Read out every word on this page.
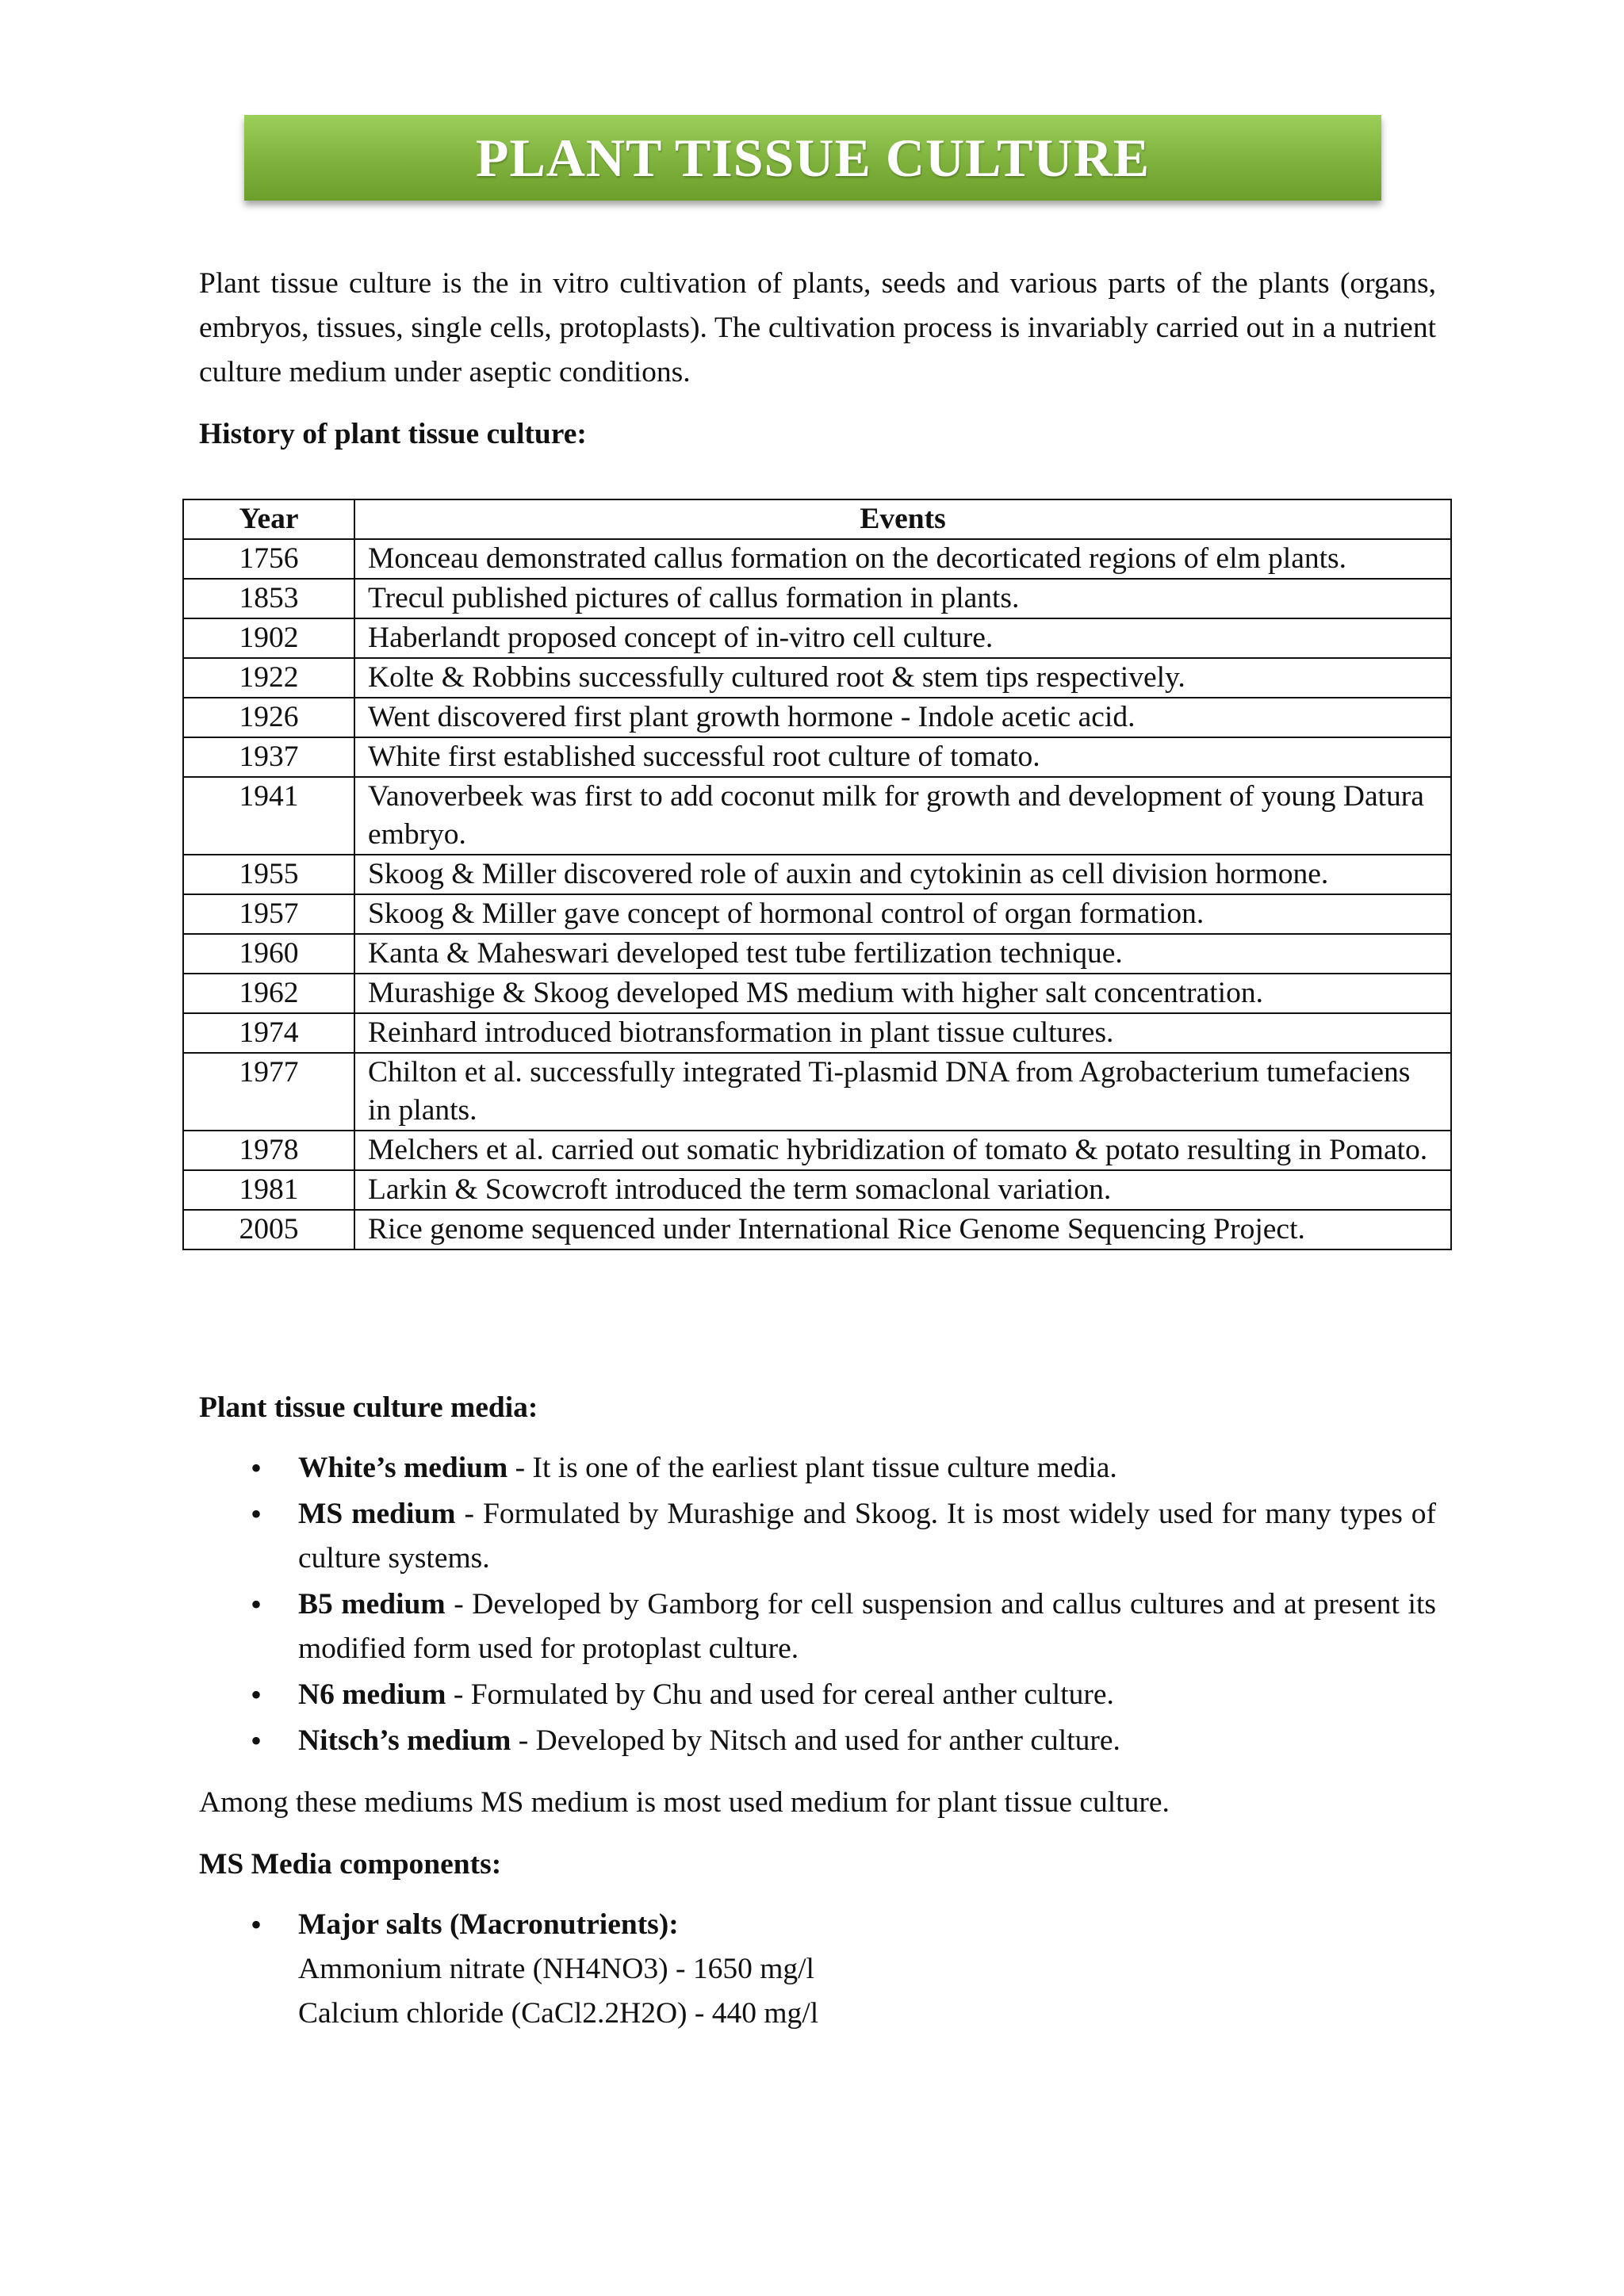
PLANT TISSUE CULTURE

Plant tissue culture is the in vitro cultivation of plants, seeds and various parts of the plants (organs, embryos, tissues, single cells, protoplasts). The cultivation process is invariably carried out in a nutrient culture medium under aseptic conditions.

History of plant tissue culture:

Year	Events
1756	Monceau demonstrated callus formation on the decorticated regions of elm plants.
1853	Trecul published pictures of callus formation in plants.
1902	Haberlandt proposed concept of in-vitro cell culture.
1922	Kolte & Robbins successfully cultured root & stem tips respectively.
1926	Went discovered first plant growth hormone - Indole acetic acid.
1937	White first established successful root culture of tomato.
1941	Vanoverbeek was first to add coconut milk for growth and development of young Datura embryo.
1955	Skoog & Miller discovered role of auxin and cytokinin as cell division hormone.
1957	Skoog & Miller gave concept of hormonal control of organ formation.
1960	Kanta & Maheswari developed test tube fertilization technique.
1962	Murashige & Skoog developed MS medium with higher salt concentration.
1974	Reinhard introduced biotransformation in plant tissue cultures.
1977	Chilton et al. successfully integrated Ti-plasmid DNA from Agrobacterium tumefaciens in plants.
1978	Melchers et al. carried out somatic hybridization of tomato & potato resulting in Pomato.
1981	Larkin & Scowcroft introduced the term somaclonal variation.
2005	Rice genome sequenced under International Rice Genome Sequencing Project.

Plant tissue culture media:

• White’s medium - It is one of the earliest plant tissue culture media.
• MS medium - Formulated by Murashige and Skoog. It is most widely used for many types of culture systems.
• B5 medium - Developed by Gamborg for cell suspension and callus cultures and at present its modified form used for protoplast culture.
• N6 medium - Formulated by Chu and used for cereal anther culture.
• Nitsch’s medium - Developed by Nitsch and used for anther culture.

Among these mediums MS medium is most used medium for plant tissue culture.

MS Media components:

• Major salts (Macronutrients):
Ammonium nitrate (NH4NO3) - 1650 mg/l
Calcium chloride (CaCl2.2H2O) - 440 mg/l
